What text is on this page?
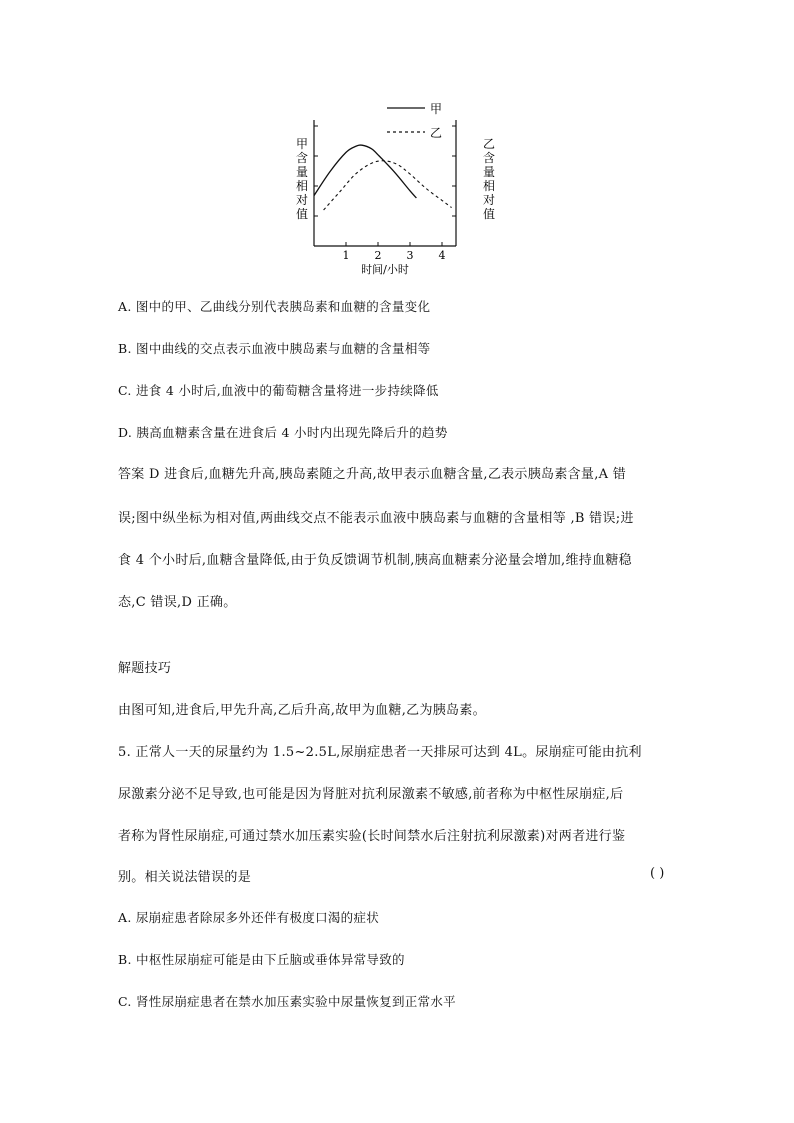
甲
乙
1 2 3 4
甲
含
量
相
对
值
乙
含
量
相
对
值
时间/小时
A. 图中的甲、乙曲线分别代表胰岛素和血糖的含量变化
B. 图中曲线的交点表示血液中胰岛素与血糖的含量相等
C. 进食 4 小时后,血液中的葡萄糖含量将进一步持续降低
D. 胰高血糖素含量在进食后 4 小时内出现先降后升的趋势
答案 D 进食后,血糖先升高,胰岛素随之升高,故甲表示血糖含量,乙表示胰岛素含量,A 错
误;图中纵坐标为相对值,两曲线交点不能表示血液中胰岛素与血糖的含量相等 ,B 错误;进
食 4 个小时后,血糖含量降低,由于负反馈调节机制,胰高血糖素分泌量会增加,维持血糖稳
态,C 错误,D 正确。
解题技巧
由图可知,进食后,甲先升高,乙后升高,故甲为血糖,乙为胰岛素。
5. 正常人一天的尿量约为 1.5~2.5L,尿崩症患者一天排尿可达到 4L。尿崩症可能由抗利
尿激素分泌不足导致,也可能是因为肾脏对抗利尿激素不敏感,前者称为中枢性尿崩症,后
者称为肾性尿崩症,可通过禁水加压素实验(长时间禁水后注射抗利尿激素)对两者进行鉴
别。相关说法错误的是	( )
A. 尿崩症患者除尿多外还伴有极度口渴的症状
B. 中枢性尿崩症可能是由下丘脑或垂体异常导致的
C. 肾性尿崩症患者在禁水加压素实验中尿量恢复到正常水平
